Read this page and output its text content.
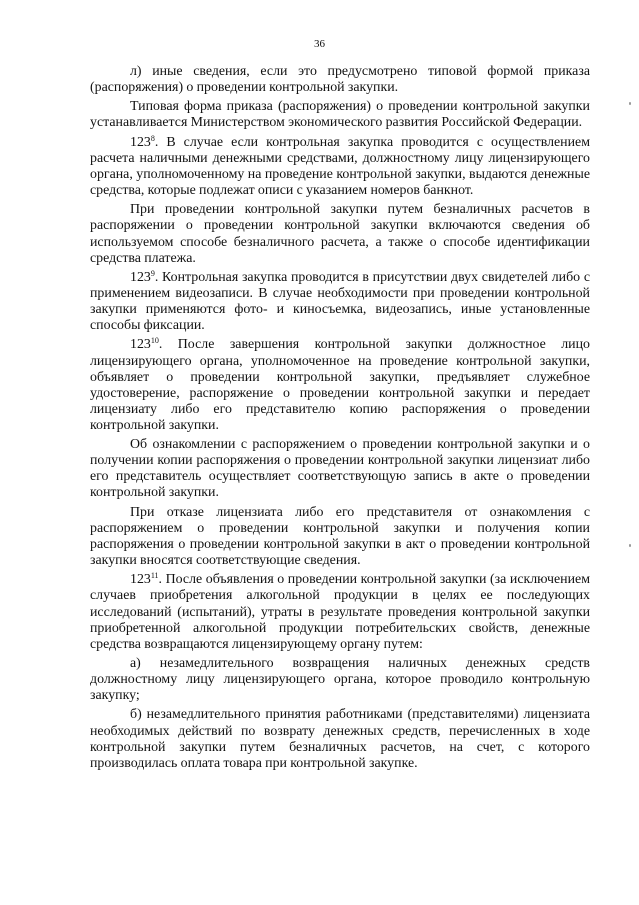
36

л) иные сведения, если это предусмотрено типовой формой приказа (распоряжения) о проведении контрольной закупки.

Типовая форма приказа (распоряжения) о проведении контрольной закупки устанавливается Министерством экономического развития Российской Федерации.

$123^8$. В случае если контрольная закупка проводится с осуществлением расчета наличными денежными средствами, должностному лицу лицензирующего органа, уполномоченному на проведение контрольной закупки, выдаются денежные средства, которые подлежат описи с указанием номеров банкнот.

При проведении контрольной закупки путем безналичных расчетов в распоряжении о проведении контрольной закупки включаются сведения об используемом способе безналичного расчета, а также о способе идентификации средства платежа.

$123^9$. Контрольная закупка проводится в присутствии двух свидетелей либо с применением видеозаписи. В случае необходимости при проведении контрольной закупки применяются фото- и киносъемка, видеозапись, иные установленные способы фиксации.

$123^{10}$. После завершения контрольной закупки должностное лицо лицензирующего органа, уполномоченное на проведение контрольной закупки, объявляет о проведении контрольной закупки, предъявляет служебное удостоверение, распоряжение о проведении контрольной закупки и передает лицензиату либо его представителю копию распоряжения о проведении контрольной закупки.

Об ознакомлении с распоряжением о проведении контрольной закупки и о получении копии распоряжения о проведении контрольной закупки лицензиат либо его представитель осуществляет соответствующую запись в акте о проведении контрольной закупки.

При отказе лицензиата либо его представителя от ознакомления с распоряжением о проведении контрольной закупки и получения копии распоряжения о проведении контрольной закупки в акт о проведении контрольной закупки вносятся соответствующие сведения.

$123^{11}$. После объявления о проведении контрольной закупки (за исключением случаев приобретения алкогольной продукции в целях ее последующих исследований (испытаний), утраты в результате проведения контрольной закупки приобретенной алкогольной продукции потребительских свойств, денежные средства возвращаются лицензирующему органу путем:

а) незамедлительного возвращения наличных денежных средств должностному лицу лицензирующего органа, которое проводило контрольную закупку;

б) незамедлительного принятия работниками (представителями) лицензиата необходимых действий по возврату денежных средств, перечисленных в ходе контрольной закупки путем безналичных расчетов, на счет, с которого производилась оплата товара при контрольной закупке.
